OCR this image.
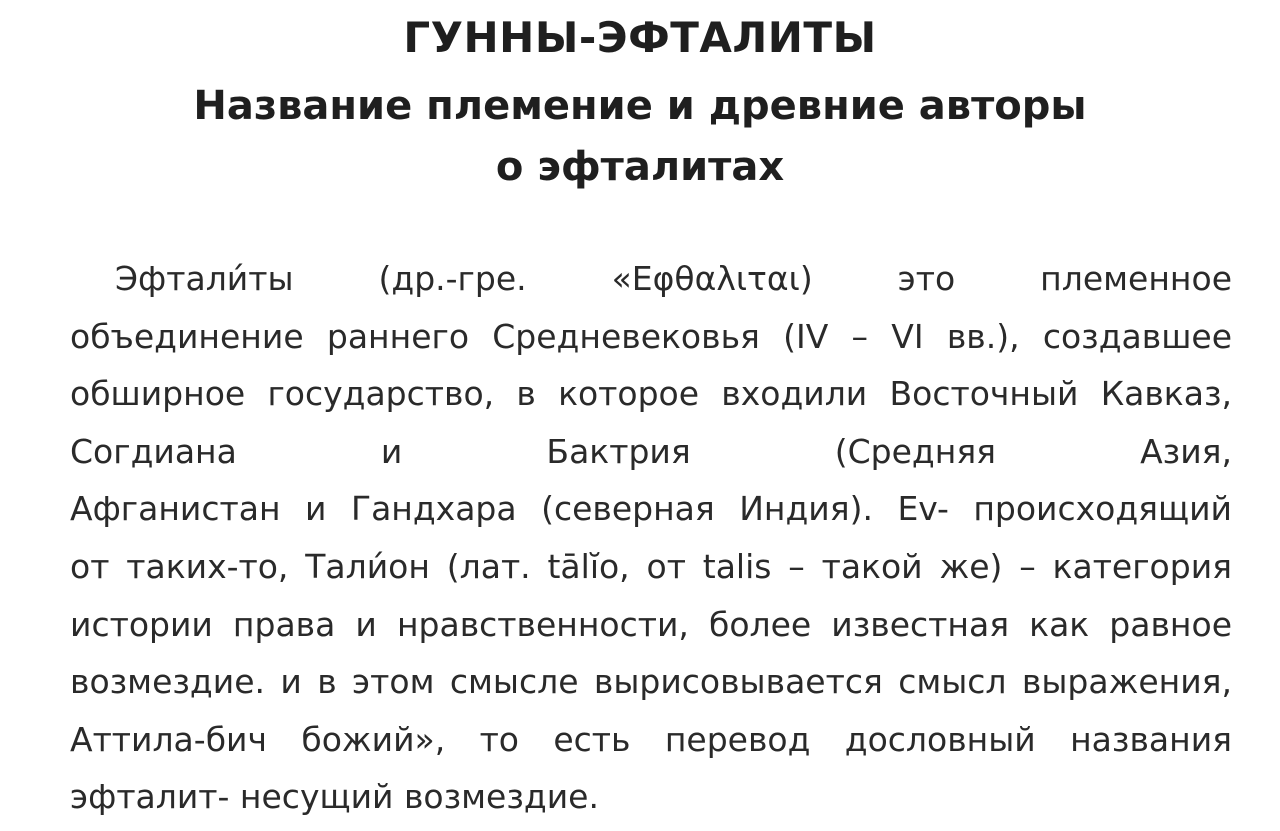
ГУННЫ-ЭФТАЛИТЫ
Название племение и древние авторы
о эфталитах
Эфтали́ты (др.-гре. «Εφθαλιται) это племенное
объединение раннего Средневековья (IV – VI вв.), создавшее
обширное государство, в которое входили Восточный Кавказ,
Согдиана и Бактрия (Средняя Азия,
Афганистан и Гандхара (северная Индия). Ev- происходящий
от таких-то, Тали́он (лат. tālĭo, от talis – такой же) – категория
истории права и нравственности, более известная как равное
возмездие. и в этом смысле вырисовывается смысл выражения,
Аттила-бич божий», то есть перевод дословный названия
эфталит- несущий возмездие.
